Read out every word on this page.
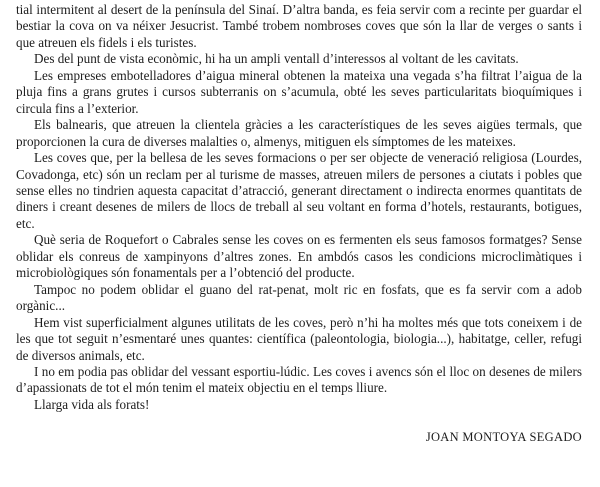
tial intermitent al desert de la península del Sinaí. D’altra banda, es feia servir com a recinte per guardar el bestiar la cova on va néixer Jesucrist. També trobem nombroses coves que són la llar de verges o sants i que atreuen els fidels i els turistes.

Des del punt de vista econòmic, hi ha un ampli ventall d’interessos al voltant de les cavitats.

Les empreses embotelladores d’aigua mineral obtenen la mateixa una vegada s’ha filtrat l’aigua de la pluja fins a grans grutes i cursos subterranis on s’acumula, obté les seves particularitats bioquímiques i circula fins a l’exterior.

Els balnearis, que atreuen la clientela gràcies a les característiques de les seves aigües termals, que proporcionen la cura de diverses malalties o, almenys, mitiguen els símptomes de les mateixes.

Les coves que, per la bellesa de les seves formacions o per ser objecte de veneració religiosa (Lourdes, Covadonga, etc) són un reclam per al turisme de masses, atreuen milers de persones a ciutats i pobles que sense elles no tindrien aquesta capacitat d’atracció, generant directament o indirecta enormes quantitats de diners i creant desenes de milers de llocs de treball al seu voltant en forma d’hotels, restaurants, botigues, etc.

Què seria de Roquefort o Cabrales sense les coves on es fermenten els seus famosos formatges? Sense oblidar els conreus de xampinyons d’altres zones. En ambdós casos les condicions microclimàtiques i microbiològiques són fonamentals per a l’obtenció del producte.

Tampoc no podem oblidar el guano del rat-penat, molt ric en fosfats, que es fa servir com a adob orgànic...

Hem vist superficialment algunes utilitats de les coves, però n’hi ha moltes més que tots coneixem i de les que tot seguit n’esmentaré unes quantes: científica (paleontologia, biologia...), habitatge, celler, refugi de diversos animals, etc.

I no em podia pas oblidar del vessant esportiu-lúdic. Les coves i avencs són el lloc on desenes de milers d’apassionats de tot el món tenim el mateix objectiu en el temps lliure.

Llarga vida als forats!

JOAN MONTOYA SEGADO
